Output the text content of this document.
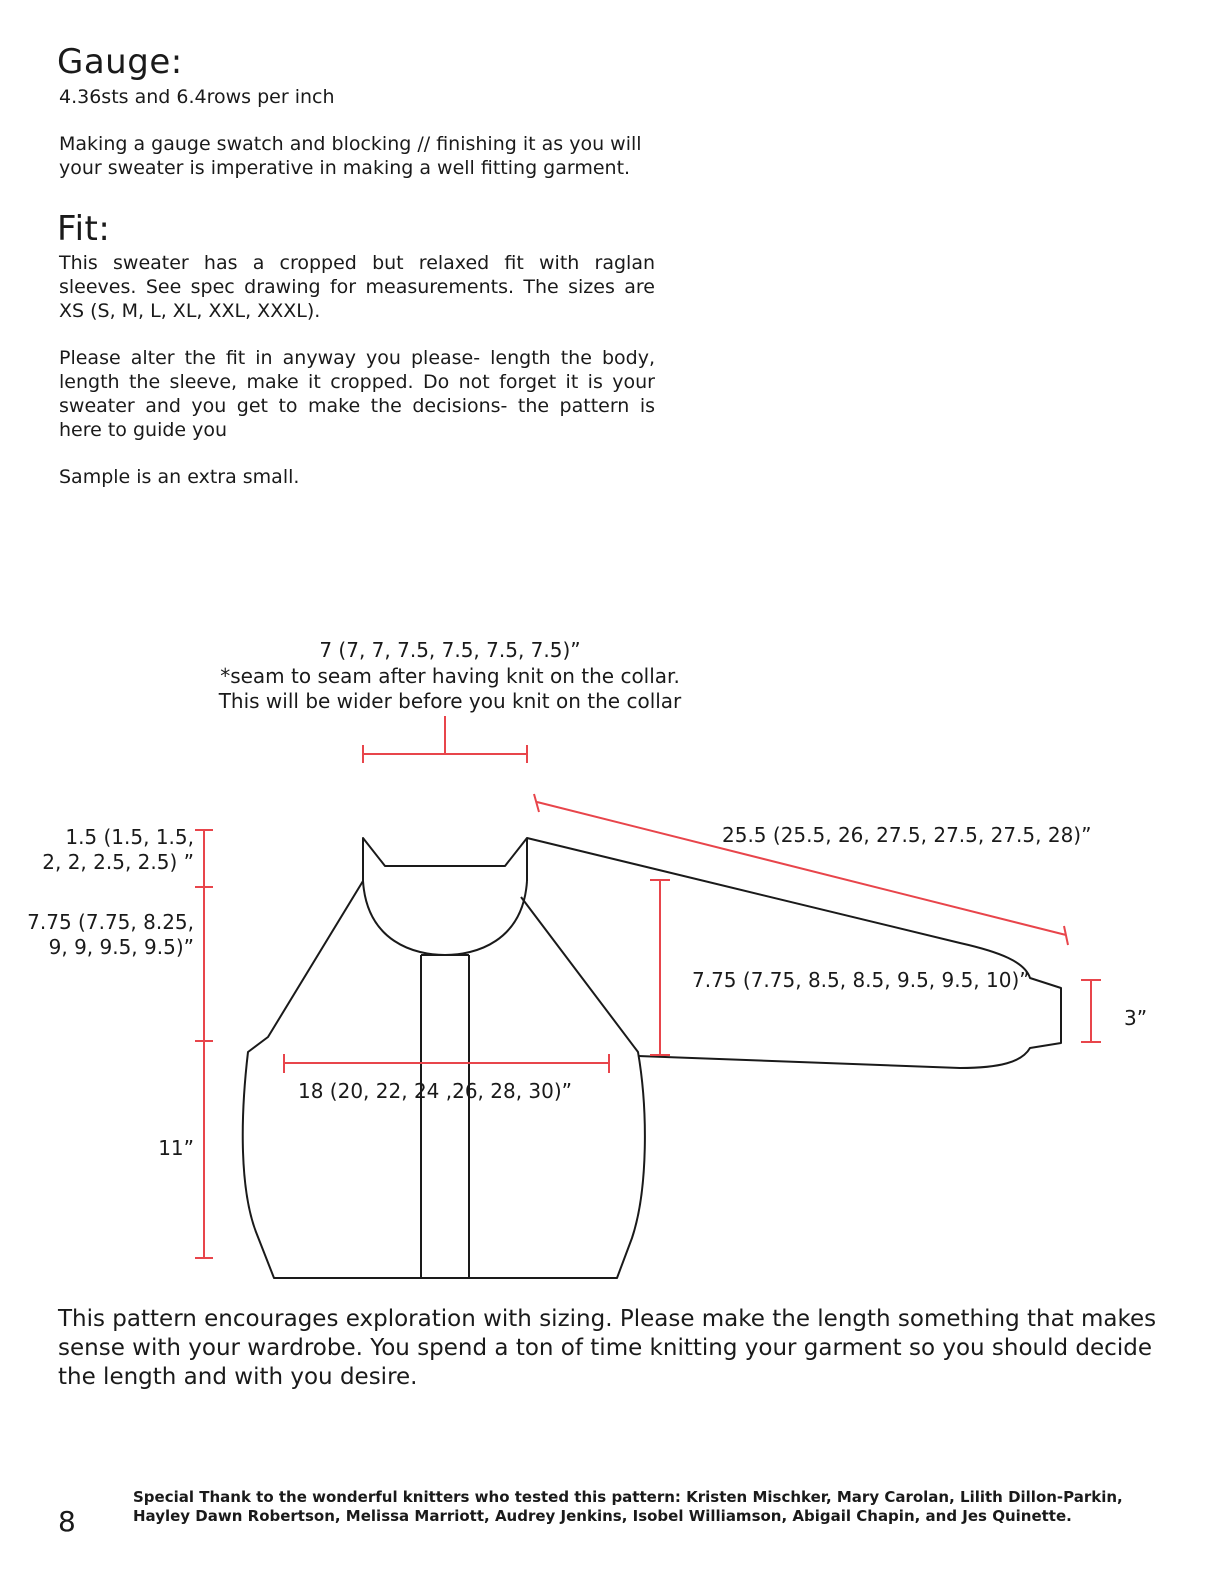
Gauge:
4.36sts and 6.4rows per inch
Making a gauge swatch and blocking // finishing it as you will your sweater is imperative in making a well fitting garment.
Fit:
This sweater has a cropped but relaxed fit with raglan sleeves. See spec drawing for measurements. The sizes are XS (S, M, L, XL, XXL, XXXL).
Please alter the fit in anyway you please- length the body, length the sleeve, make it cropped. Do not forget it is your sweater and you get to make the decisions- the pattern is here to guide you
Sample is an extra small.
7 (7, 7, 7.5, 7.5, 7.5, 7.5)”
*seam to seam after having knit on the collar.
This will be wider before you knit on the collar
1.5 (1.5, 1.5,
2, 2, 2.5, 2.5) ”
7.75 (7.75, 8.25,
9, 9, 9.5, 9.5)”
11”
18 (20, 22, 24 ,26, 28, 30)”
25.5 (25.5, 26, 27.5, 27.5, 27.5, 28)”
7.75 (7.75, 8.5, 8.5, 9.5, 9.5, 10)”
3”
This pattern encourages exploration with sizing. Please make the length something that makes sense with your wardrobe. You spend a ton of time knitting your garment so you should decide the length and with you desire.
8
Special Thank to the wonderful knitters who tested this pattern: Kristen Mischker, Mary Carolan, Lilith Dillon-Parkin, Hayley Dawn Robertson, Melissa Marriott, Audrey Jenkins, Isobel Williamson, Abigail Chapin, and Jes Quinette.
